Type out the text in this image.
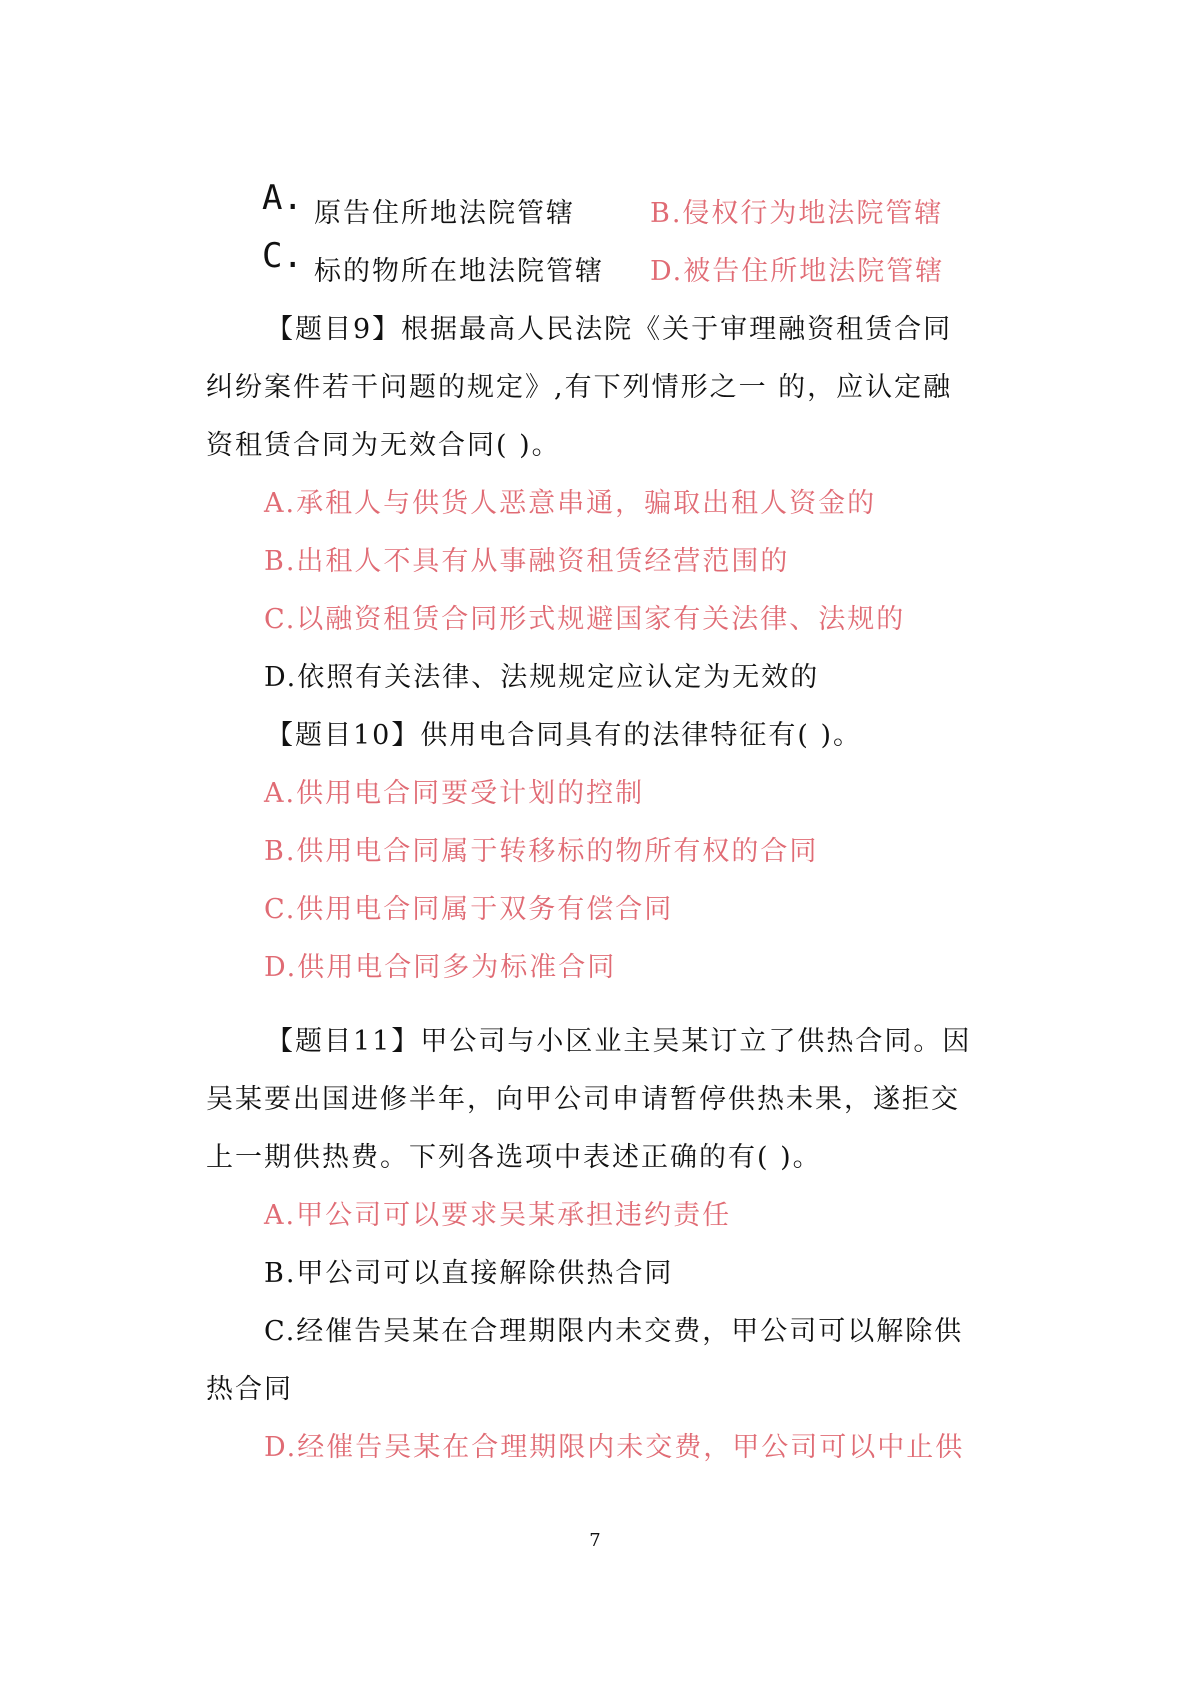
A. 原告住所地法院管辖	B.侵权行为地法院管辖
C. 标的物所在地法院管辖 D.被告住所地法院管辖
【题目9】根据最高人民法院《关于审理融资租赁合同
纠纷案件若干问题的规定》,有下列情形之一 的，应认定融
资租赁合同为无效合同( )。
A.承租人与供货人恶意串通，骗取出租人资金的
B.出租人不具有从事融资租赁经营范围的
C.以融资租赁合同形式规避国家有关法律、法规的
D.依照有关法律、法规规定应认定为无效的
【题目10】供用电合同具有的法律特征有( )。
A.供用电合同要受计划的控制
B.供用电合同属于转移标的物所有权的合同
C.供用电合同属于双务有偿合同
D.供用电合同多为标准合同
【题目11】甲公司与小区业主吴某订立了供热合同。因
吴某要出国进修半年，向甲公司申请暂停供热未果，遂拒交
上一期供热费。下列各选项中表述正确的有( )。
A.甲公司可以要求吴某承担违约责任
B.甲公司可以直接解除供热合同
C.经催告吴某在合理期限内未交费，甲公司可以解除供
热合同
D.经催告吴某在合理期限内未交费，甲公司可以中止供
7
